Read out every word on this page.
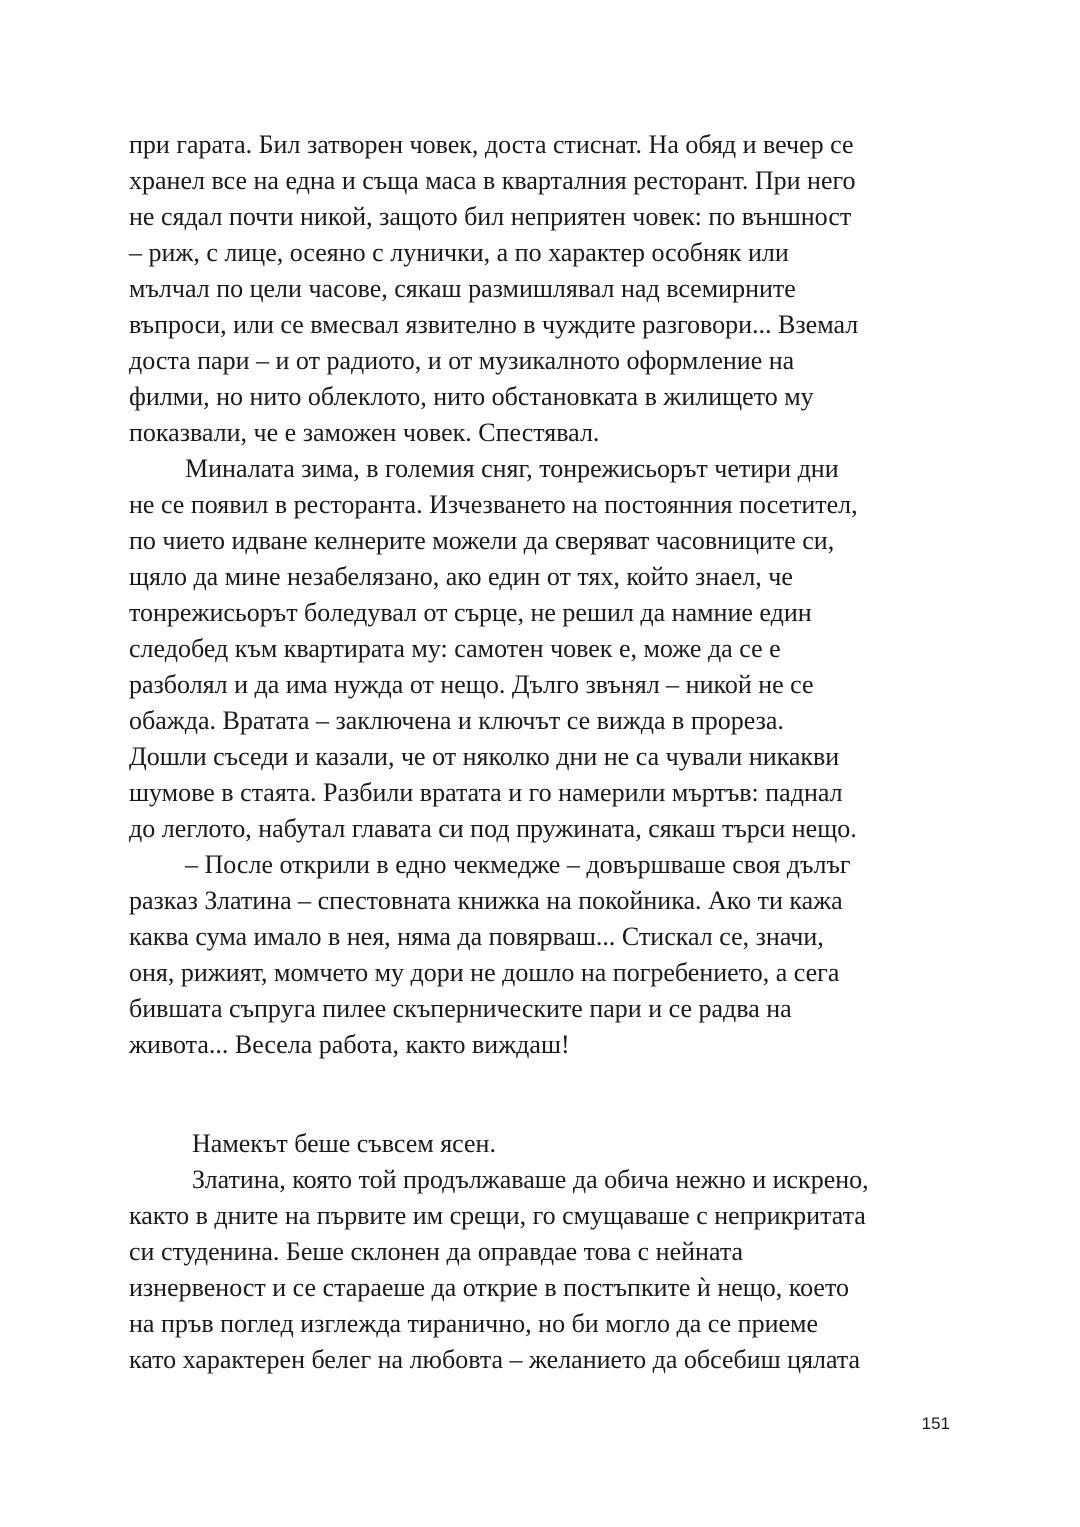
при гарата. Бил затворен човек, доста стиснат. На обяд и вечер се
хранел все на една и съща маса в кварталния ресторант. При него
не сядал почти никой, защото бил неприятен човек: по външност
– риж, с лице, осеяно с лунички, а по характер особняк или
мълчал по цели часове, сякаш размишлявал над всемирните
въпроси, или се вмесвал язвително в чуждите разговори... Вземал
доста пари – и от радиото, и от музикалното оформление на
филми, но нито облеклото, нито обстановката в жилището му
показвали, че е заможен човек. Спестявал.
Миналата зима, в големия сняг, тонрежисьорът четири дни
не се появил в ресторанта. Изчезването на постоянния посетител,
по чието идване келнерите можели да сверяват часовниците си,
щяло да мине незабелязано, ако един от тях, който знаел, че
тонрежисьорът боледувал от сърце, не решил да намние един
следобед към квартирата му: самотен човек е, може да се е
разболял и да има нужда от нещо. Дълго звънял – никой не се
обажда. Вратата – заключена и ключът се вижда в прореза.
Дошли съседи и казали, че от няколко дни не са чували никакви
шумове в стаята. Разбили вратата и го намерили мъртъв: паднал
до леглото, набутал главата си под пружината, сякаш търси нещо.
– После открили в едно чекмедже – довършваше своя дълъг
разказ Златина – спестовната книжка на покойника. Ако ти кажа
каква сума имало в нея, няма да повярваш... Стискал се, значи,
оня, рижият, момчето му дори не дошло на погребението, а сега
бившата съпруга пилее скъперническите пари и се радва на
живота... Весела работа, както виждаш!
Намекът беше съвсем ясен.
Златина, която той продължаваше да обича нежно и искрено,
както в дните на първите им срещи, го смущаваше с неприкритата
си студенина. Беше склонен да оправдае това с нейната
изнервеност и се стараеше да открие в постъпките ѝ нещо, което
на пръв поглед изглежда тиранично, но би могло да се приеме
като характерен белег на любовта – желанието да обсебиш цялата
151
